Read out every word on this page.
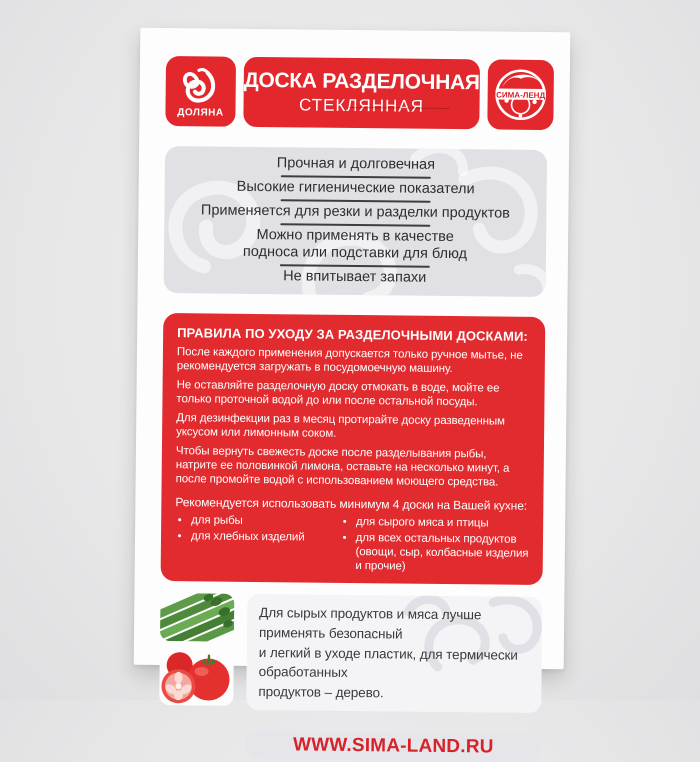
ДОЛЯНА
ДОСКА РАЗДЕЛОЧНАЯ
СТЕКЛЯННАЯ
СИМА-ЛЕНД
Прочная и долговечная
Высокие гигиенические показатели
Применяется для резки и разделки продуктов
Можно применять в качестве
подноса или подставки для блюд
Не впитывает запахи
ПРАВИЛА ПО УХОДУ ЗА РАЗДЕЛОЧНЫМИ ДОСКАМИ:

После каждого применения допускается только ручное мытье, не рекомендуется загружать в посудомоечную машину.

Не оставляйте разделочную доску отмокать в воде, мойте ее только проточной водой до или после остальной посуды.

Для дезинфекции раз в месяц протирайте доску разведенным уксусом или лимонным соком.

Чтобы вернуть свежесть доске после разделывания рыбы, натрите ее половинкой лимона, оставьте на несколько минут, а после промойте водой с использованием моющего средства.

Рекомендуется использовать минимум 4 доски на Вашей кухне:

• для рыбы
• для хлебных изделий
• для сырого мяса и птицы
• для всех остальных продуктов
(овощи, сыр, колбасные изделия и прочие)
Для сырых продуктов и мяса лучше применять безопасный
и легкий в уходе пластик, для термически обработанных
продуктов – дерево.
WWW.SIMA-LAND.RU
